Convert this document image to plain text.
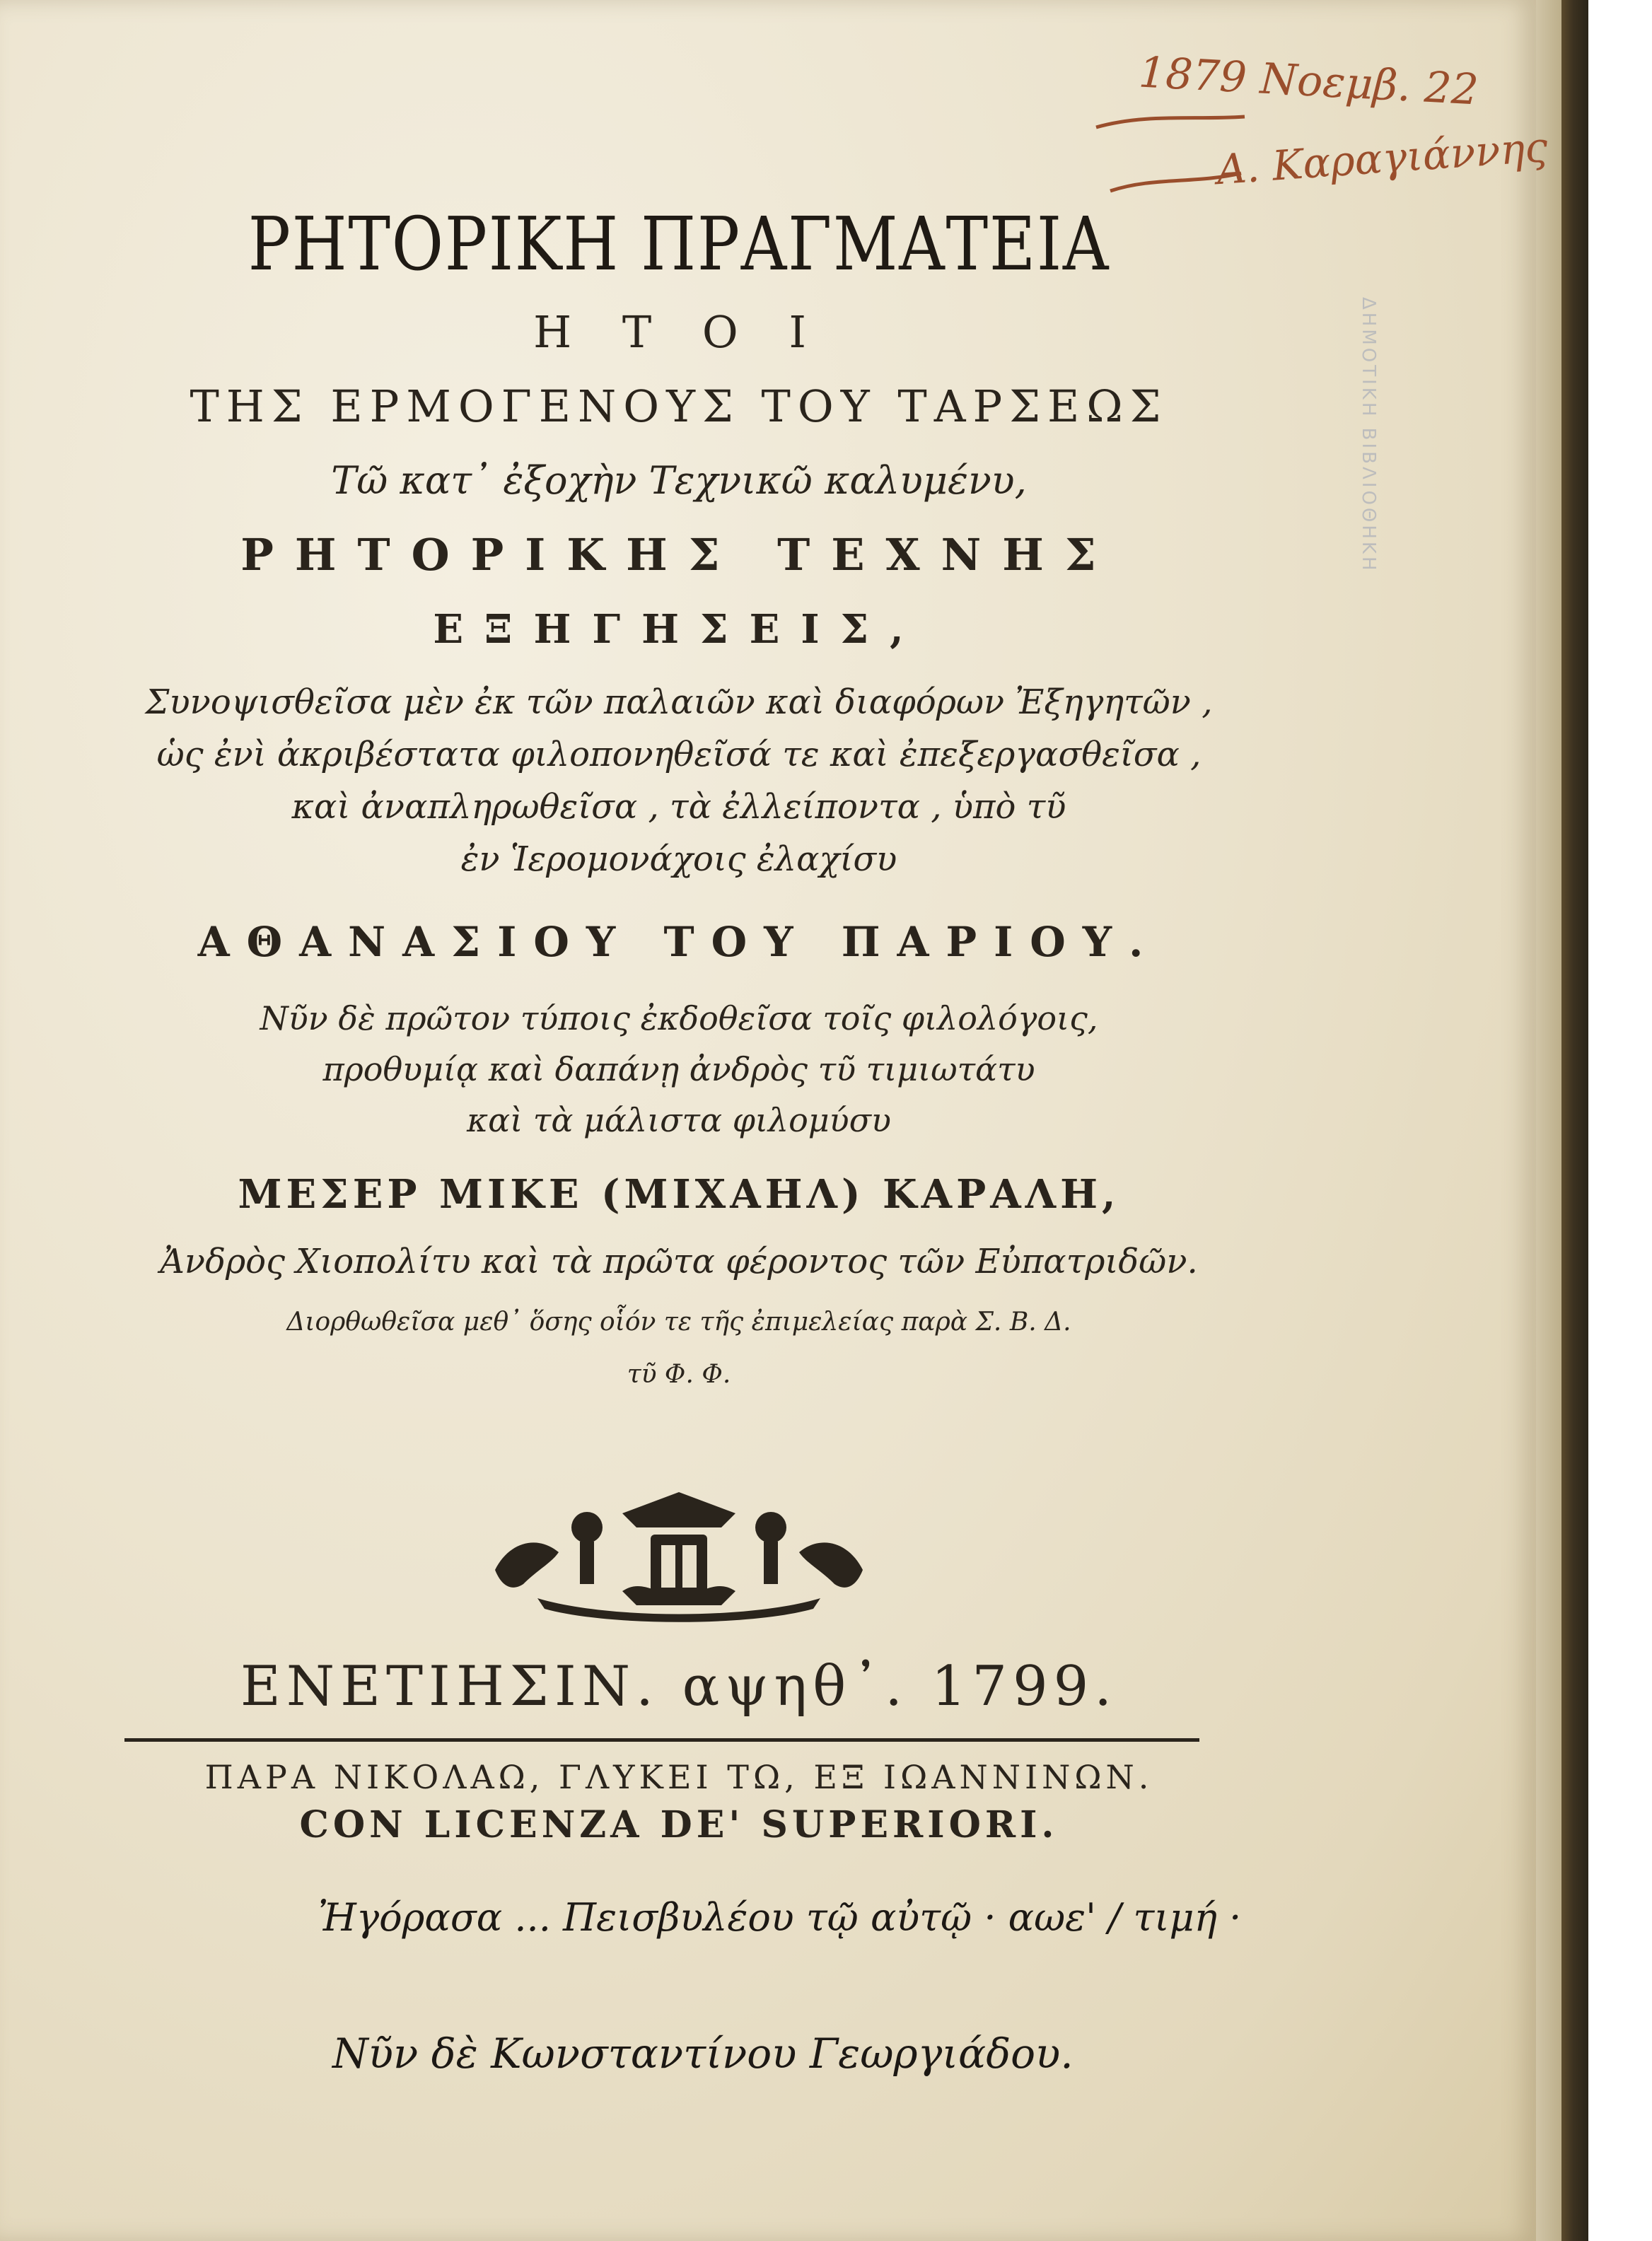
1879 Νοεμβ. 22
Α. Καραγιάννης
ΔΗΜΟΤΙΚΗ ΒΙΒΛΙΟΘΗΚΗ
ΡΗΤΟΡΙΚΗ ΠΡΑΓΜΑΤΕΙΑ
Η Τ Ο Ι
ΤΗΣ ΕΡΜΟΓΕΝΟΥΣ ΤΟΥ ΤΑΡΣΕΩΣ
Τῶ κατ᾽ ἐξοχὴν Τεχνικῶ καλυμένυ,
ΡΗΤΟΡΙΚΗΣ ΤΕΧΝΗΣ
ΕΞΗΓΗΣΕΙΣ,
Συνοψισθεῖσα μὲν ἐκ τῶν παλαιῶν καὶ διαφόρων Ἐξηγητῶν ,
ὡς ἐνὶ ἀκριβέστατα φιλοπονηθεῖσά τε καὶ ἐπεξεργασθεῖσα ,
καὶ ἀναπληρωθεῖσα , τὰ ἐλλείποντα , ὑπὸ τῦ
ἐν Ἱερομονάχοις ἐλαχίσυ
ΑΘΑΝΑΣΙΟΥ ΤΟΥ ΠΑΡΙΟΥ.
Νῦν δὲ πρῶτον τύποις ἐκδοθεῖσα τοῖς φιλολόγοις,
προθυμίᾳ καὶ δαπάνῃ ἀνδρὸς τῦ τιμιωτάτυ
καὶ τὰ μάλιστα φιλομύσυ
ΜΕΣΕΡ ΜΙΚΕ (ΜΙΧΑΗΛ) ΚΑΡΑΛΗ,
Ἀνδρὸς Χιοπολίτυ καὶ τὰ πρῶτα φέροντος τῶν Εὐπατριδῶν.
Διορθωθεῖσα μεθ᾽ ὅσης οἷόν τε τῆς ἐπιμελείας παρὰ Σ. Β. Δ.
τῦ Φ. Φ.
ΕΝΕΤΙΗΣΙΝ. αψηθ᾽. 1799.
ΠΑΡΑ ΝΙΚΟΛΑΩ, ΓΛΥΚΕΙ ΤΩ, ΕΞ ΙΩΑΝΝΙΝΩΝ.
CON LICENZA DE' SUPERIORI.
Ἠγόρασα ... Πεισβυλέου τῷ αὐτῷ · αωε' / τιμή ·
Νῦν δὲ Κωνσταντίνου Γεωργιάδου.
